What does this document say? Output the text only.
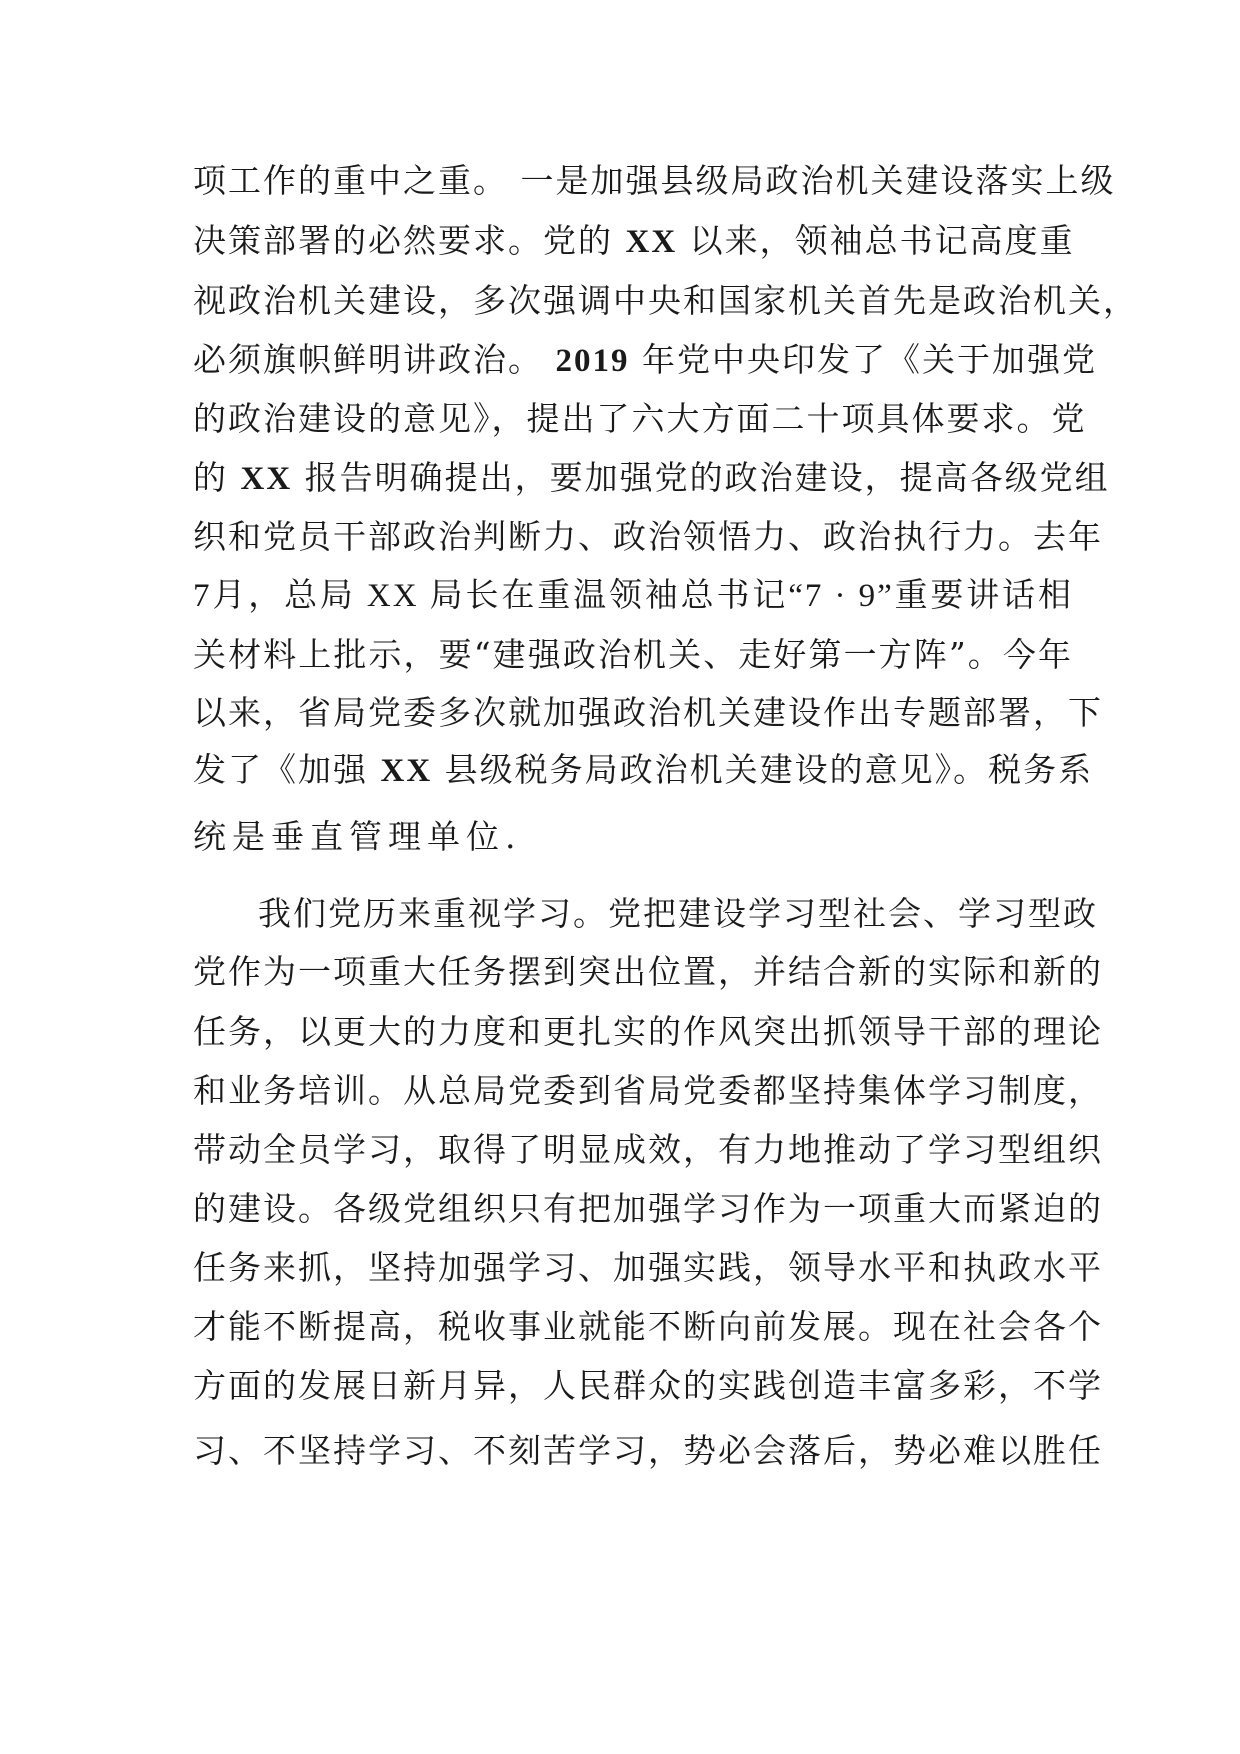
项工作的重中之重。 一是加强县级局政治机关建设落实上级
决策部署的必然要求。党的 XX 以来，领袖总书记高度重
视政治机关建设，多次强调中央和国家机关首先是政治机关，
必须旗帜鲜明讲政治。 2019 年党中央印发了《关于加强党
的政治建设的意见》，提出了六大方面二十项具体要求。党
的 XX 报告明确提出，要加强党的政治建设，提高各级党组
织和党员干部政治判断力、政治领悟力、政治执行力。去年
7月，总局 XX 局长在重温领袖总书记“7 · 9”重要讲话相
关材料上批示，要“建强政治机关、走好第一方阵”。今年
以来，省局党委多次就加强政治机关建设作出专题部署，下
发了《加强 XX 县级税务局政治机关建设的意见》。税务系
统是垂直管理单位.
我们党历来重视学习。党把建设学习型社会、学习型政
党作为一项重大任务摆到突出位置，并结合新的实际和新的
任务，以更大的力度和更扎实的作风突出抓领导干部的理论
和业务培训。从总局党委到省局党委都坚持集体学习制度，
带动全员学习，取得了明显成效，有力地推动了学习型组织
的建设。各级党组织只有把加强学习作为一项重大而紧迫的
任务来抓，坚持加强学习、加强实践，领导水平和执政水平
才能不断提高，税收事业就能不断向前发展。现在社会各个
方面的发展日新月异，人民群众的实践创造丰富多彩，不学
习、不坚持学习、不刻苦学习，势必会落后，势必难以胜任
